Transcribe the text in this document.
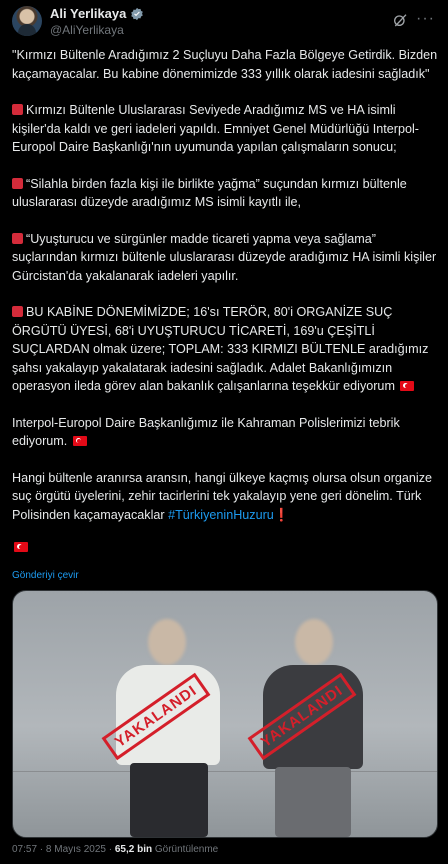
Ali Yerlikaya
@AliYerlikaya
···

"Kırmızı Bültenle Aradığımız 2 Suçluyu Daha Fazla Bölgeye Getirdik. Bizden kaçamayacalar. Bu kabine dönemimizde 333 yıllık olarak iadesini sağladık"

Kırmızı Bültenle Uluslararası Seviyede Aradığımız MS ve HA isimli kişiler'da kaldı ve geri iadeleri yapıldı. Emniyet Genel Müdürlüğü Interpol-Europol Daire Başkanlığı'nın uyumunda yapılan çalışmaların sonucu;

“Silahla birden fazla kişi ile birlikte yağma” suçundan kırmızı bültenle uluslararası düzeyde aradığımız MS isimli kayıtlı ile,

“Uyuşturucu ve sürgünler madde ticareti yapma veya sağlama” suçlarından kırmızı bültenle uluslararası düzeyde aradığımız HA isimli kişiler Gürcistan'da yakalanarak iadeleri yapılır.

BU KABİNE DÖNEMİMİZDE; 16'sı TERÖR, 80'i ORGANİZE SUÇ ÖRGÜTÜ ÜYESİ, 68'i UYUŞTURUCU TİCARETİ, 169'u ÇEŞİTLİ SUÇLARDAN olmak üzere; TOPLAM: 333 KIRMIZI BÜLTENLE aradığımız şahsı yakalayıp yakalatarak iadesini sağladık. Adalet Bakanlığımızın operasyon ileda görev alan bakanlık çalışanlarına teşekkür ediyorum

Interpol-Europol Daire Başkanlığımız ile Kahraman Polislerimizi tebrik ediyorum.

Hangi bültenle aranırsa aransın, hangi ülkeye kaçmış olursa olsun organize suç örgütü üyelerini, zehir tacirlerini tek yakalayıp yene geri dönelim. Türk Polisinden kaçamayacaklar #TürkiyeninHuzuru❗

Gönderiyi çevir
YAKALANDI	YAKALANDI
07:57 · 8 Mayıs 2025 · 65,2 bin Görüntülenme
